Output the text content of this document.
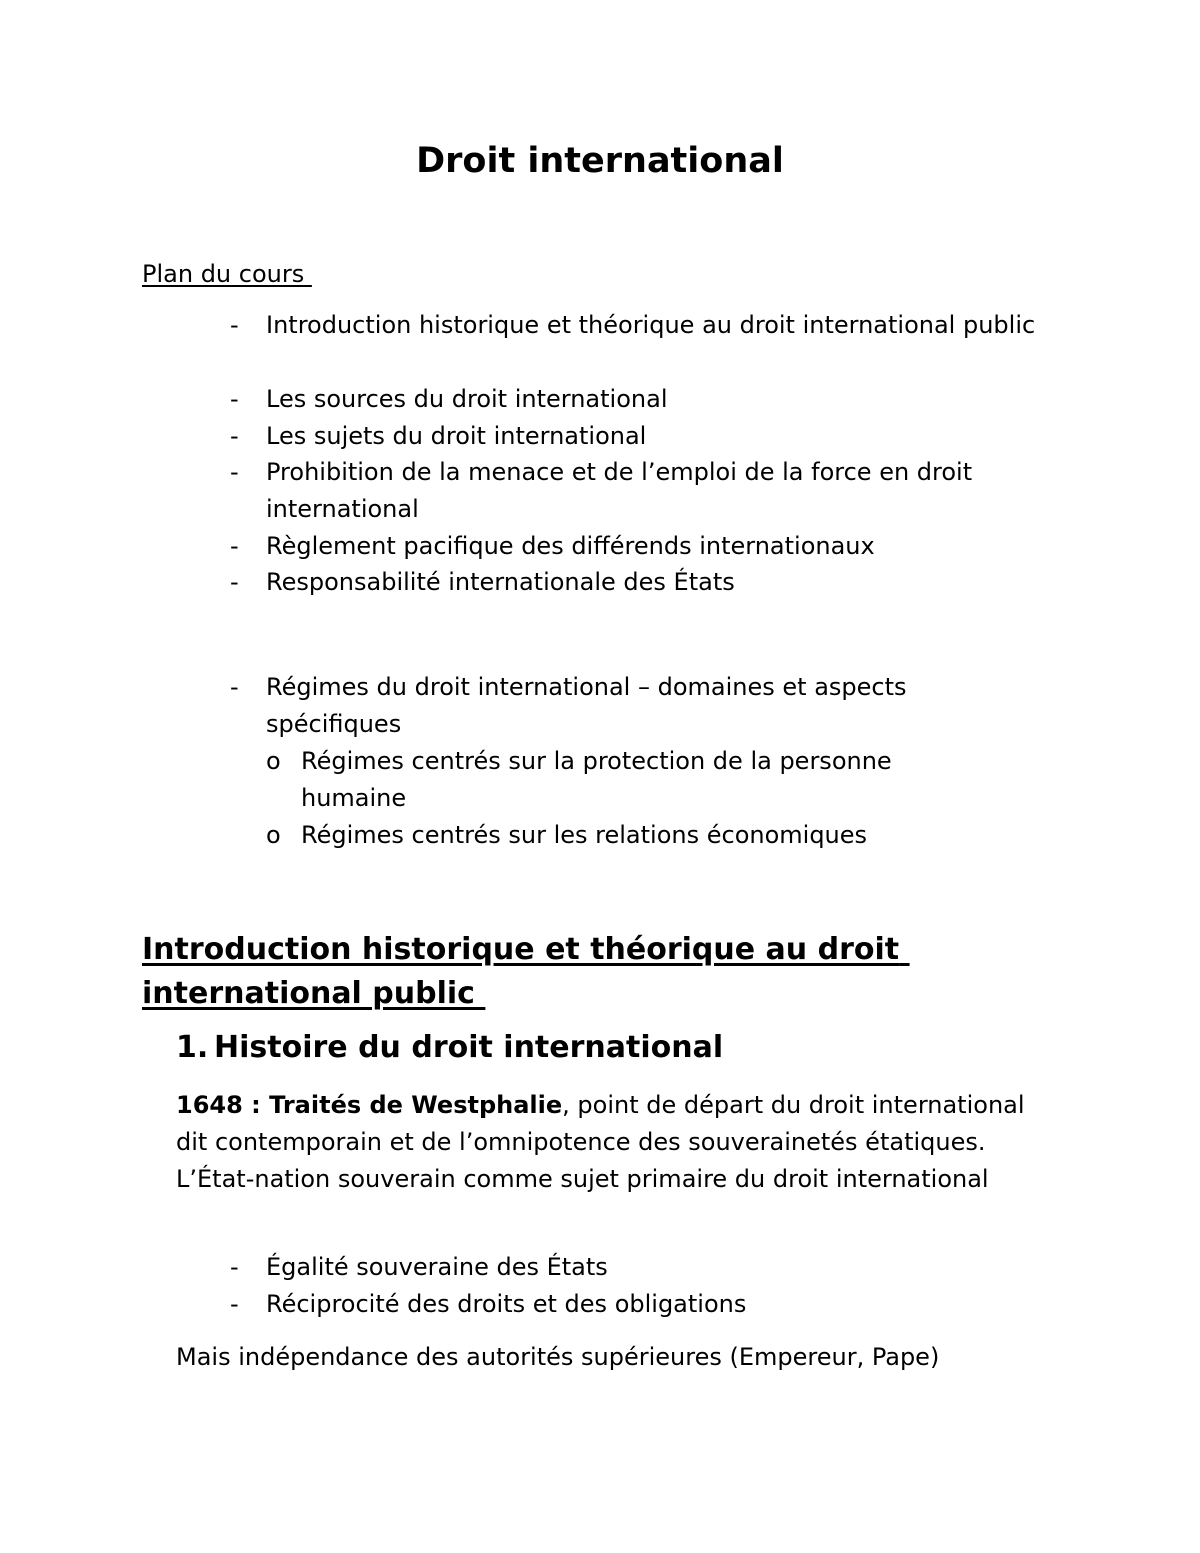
Droit international

Plan du cours

- Introduction historique et théorique au droit international public
- Les sources du droit international
- Les sujets du droit international
- Prohibition de la menace et de l’emploi de la force en droit international
- Règlement pacifique des différends internationaux
- Responsabilité internationale des États
- Régimes du droit international – domaines et aspects spécifiques
o Régimes centrés sur la protection de la personne humaine
o Régimes centrés sur les relations économiques
Introduction historique et théorique au droit international public
1. Histoire du droit international

1648 : Traités de Westphalie, point de départ du droit international dit contemporain et de l’omnipotence des souverainetés étatiques. L’État-nation souverain comme sujet primaire du droit international

- Égalité souveraine des États
- Réciprocité des droits et des obligations

Mais indépendance des autorités supérieures (Empereur, Pape)
